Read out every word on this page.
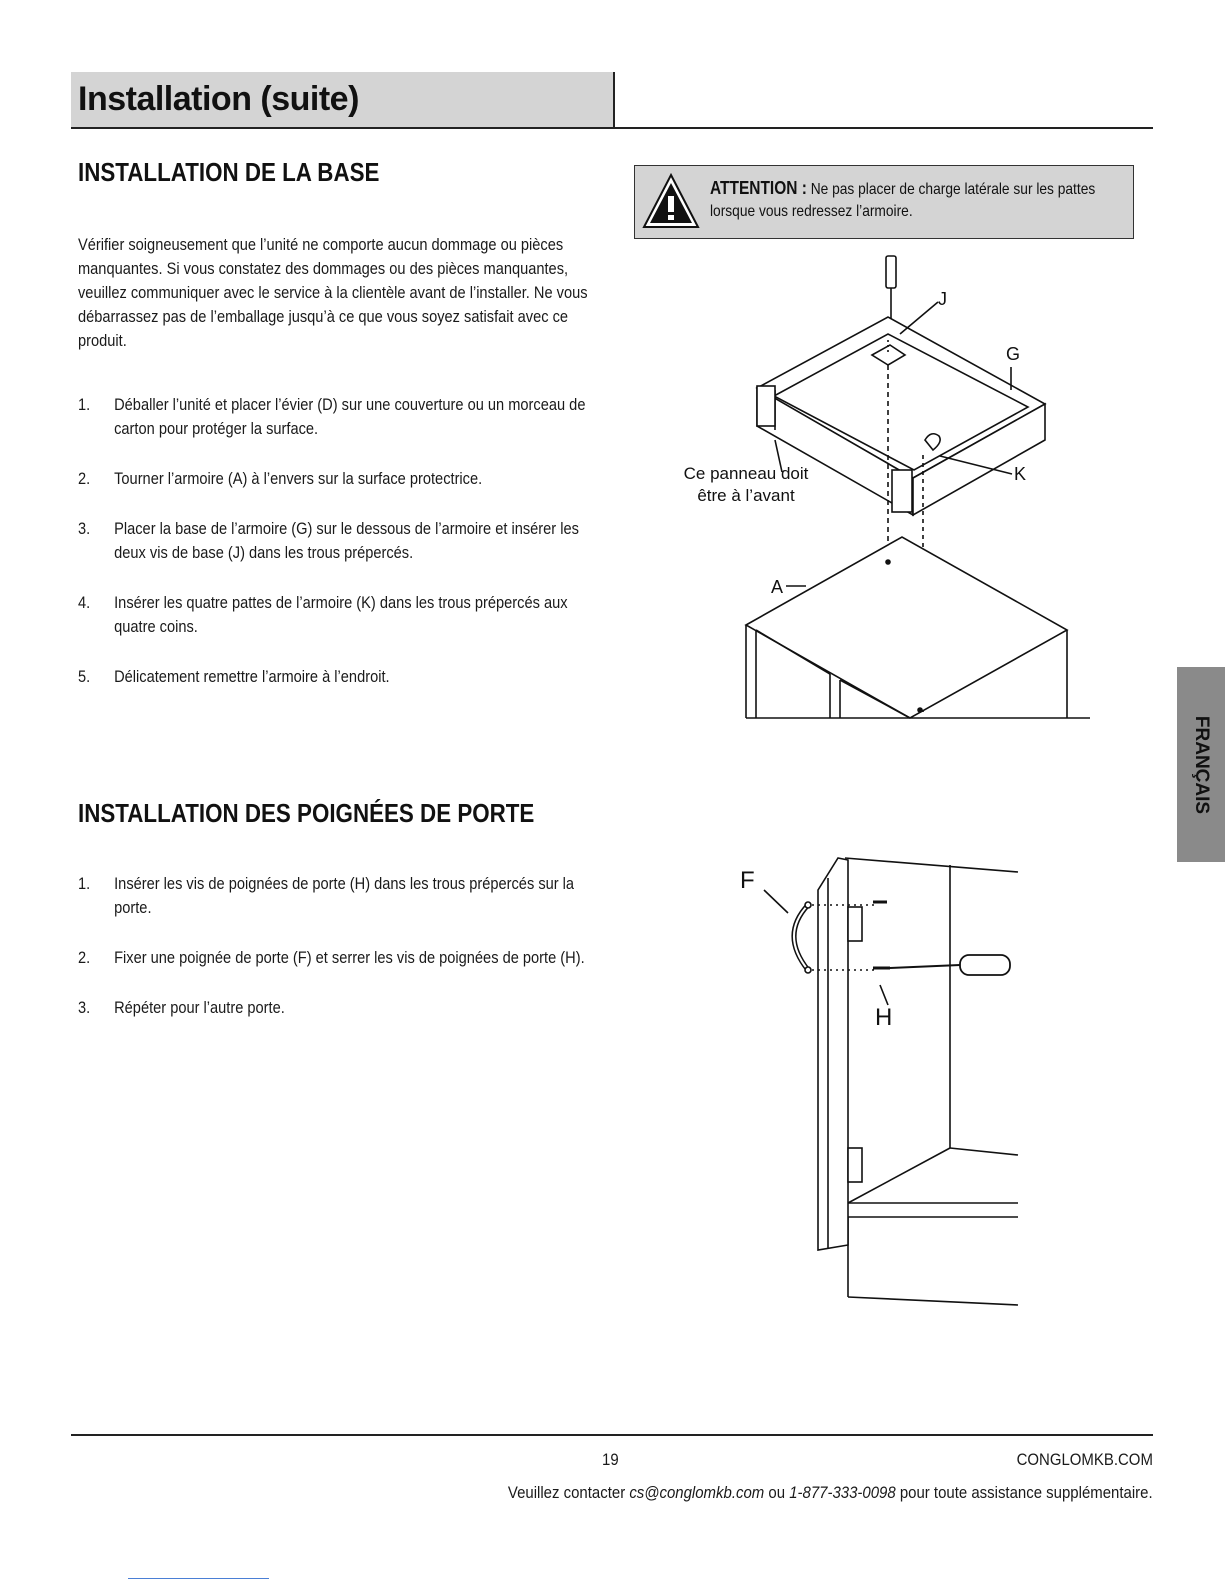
Installation (suite)
INSTALLATION DE LA BASE
Vérifier soigneusement que l’unité ne comporte aucun dommage ou pièces manquantes. Si vous constatez des dommages ou des pièces manquantes, veuillez communiquer avec le service à la clientèle avant de l’installer. Ne vous débarrassez pas de l’emballage jusqu’à ce que vous soyez satisfait avec ce produit.
1. Déballer l’unité et placer l’évier (D) sur une couverture ou un morceau de carton pour protéger la surface.
2. Tourner l’armoire (A) à l’envers sur la surface protectrice.
3. Placer la base de l’armoire (G) sur le dessous de l’armoire et insérer les deux vis de base (J) dans les trous prépercés.
4. Insérer les quatre pattes de l’armoire (K) dans les trous prépercés aux quatre coins.
5. Délicatement remettre l’armoire à l’endroit.
ATTENTION : Ne pas placer de charge latérale sur les pattes lorsque vous redressez l’armoire.
J
G
K
A
Ce panneau doit
être à l’avant
INSTALLATION DES POIGNÉES DE PORTE
1. Insérer les vis de poignées de porte (H) dans les trous prépercés sur la porte.
2. Fixer une poignée de porte (F) et serrer les vis de poignées de porte (H).
3. Répéter pour l’autre porte.
F
H
FRANÇAIS
19	CONGLOMKB.COM
Veuillez contacter cs@conglomkb.com ou 1-877-333-0098 pour toute assistance supplémentaire.
